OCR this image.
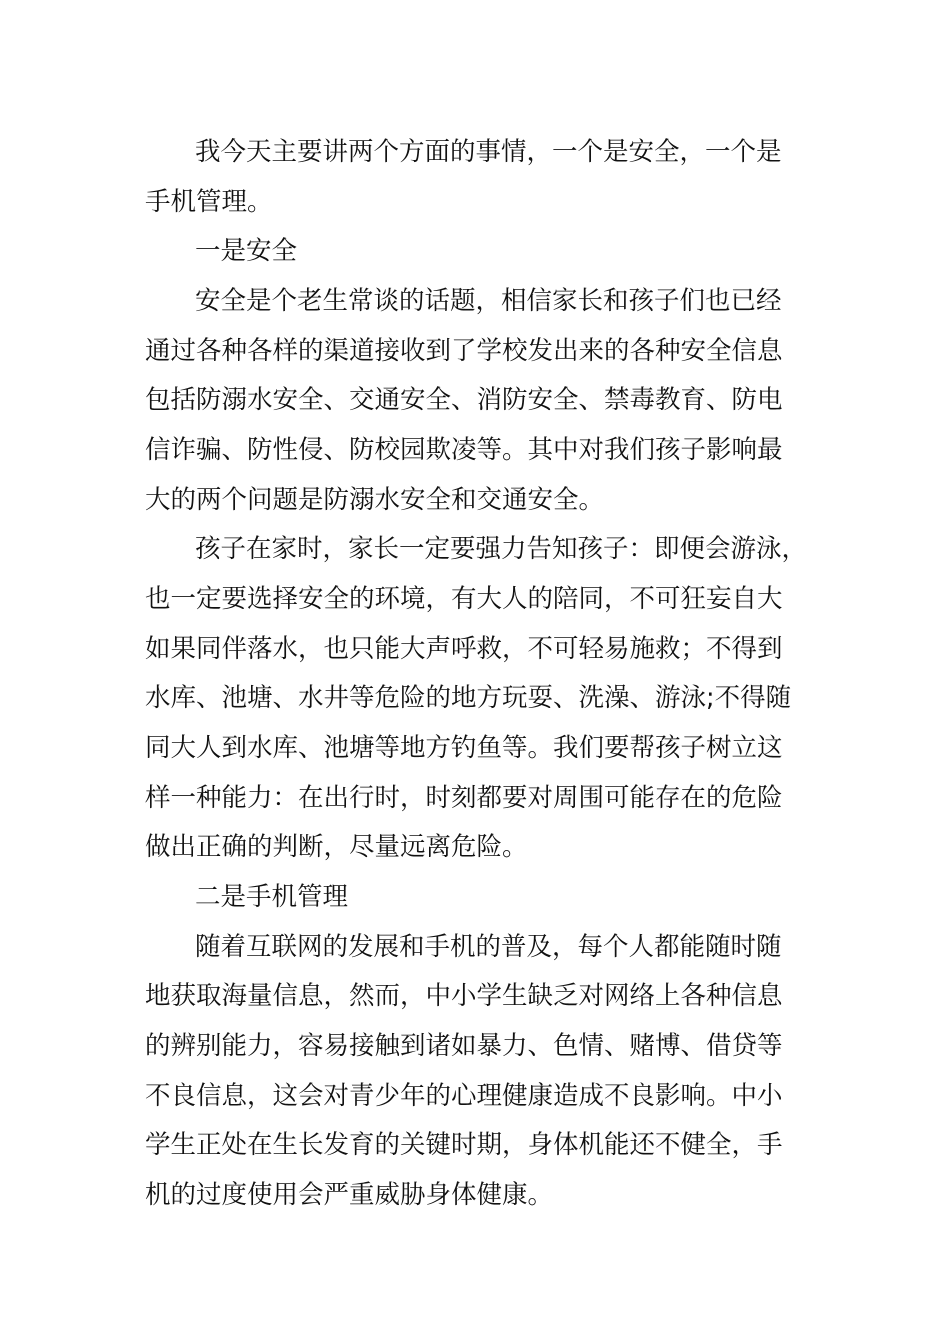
我今天主要讲两个方面的事情，一个是安全，一个是

手机管理。

一是安全

安全是个老生常谈的话题，相信家长和孩子们也已经

通过各种各样的渠道接收到了学校发出来的各种安全信息

包括防溺水安全、交通安全、消防安全、禁毒教育、防电

信诈骗、防性侵、防校园欺凌等。其中对我们孩子影响最

大的两个问题是防溺水安全和交通安全。

孩子在家时，家长一定要强力告知孩子：即便会游泳，

也一定要选择安全的环境，有大人的陪同，不可狂妄自大

如果同伴落水，也只能大声呼救，不可轻易施救；不得到

水库、池塘、水井等危险的地方玩耍、洗澡、游泳;不得随

同大人到水库、池塘等地方钓鱼等。我们要帮孩子树立这

样一种能力：在出行时，时刻都要对周围可能存在的危险

做出正确的判断，尽量远离危险。

二是手机管理

随着互联网的发展和手机的普及，每个人都能随时随

地获取海量信息，然而，中小学生缺乏对网络上各种信息

的辨别能力，容易接触到诸如暴力、色情、赌博、借贷等

不良信息，这会对青少年的心理健康造成不良影响。中小

学生正处在生长发育的关键时期，身体机能还不健全，手

机的过度使用会严重威胁身体健康。
